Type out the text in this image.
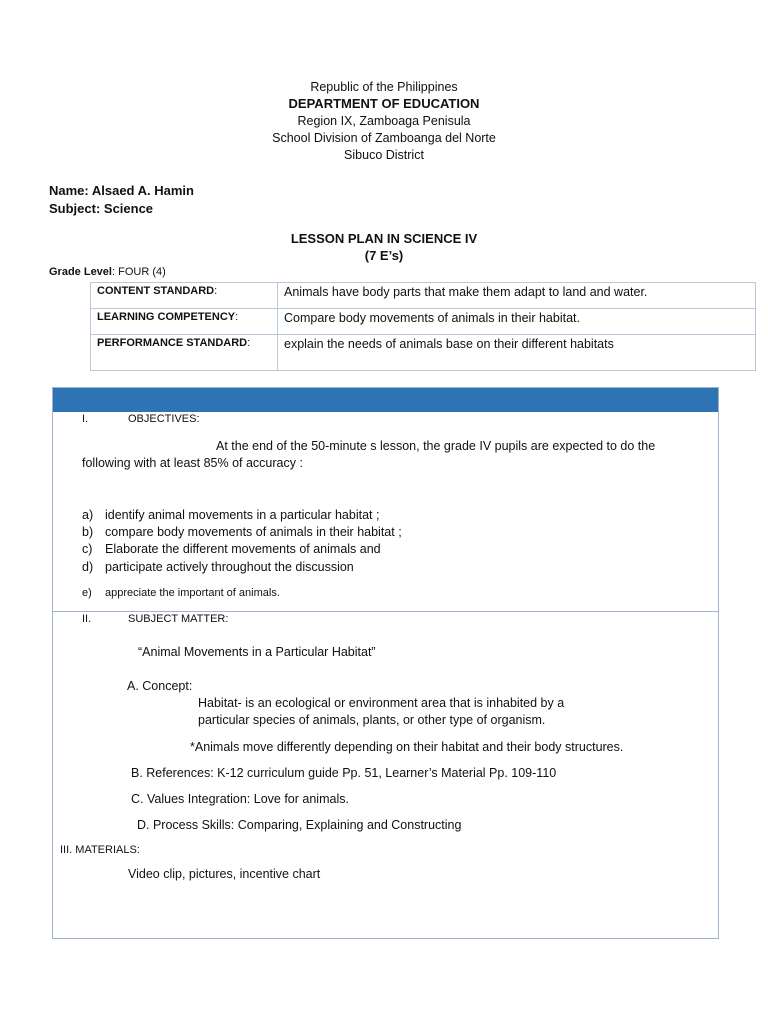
Republic of the Philippines
DEPARTMENT OF EDUCATION
Region IX, Zamboaga Penisula
School Division of Zamboanga del Norte
Sibuco District
Name: Alsaed A. Hamin
Subject: Science
LESSON PLAN IN SCIENCE IV
(7 E’s)
Grade Level: FOUR (4)
CONTENT STANDARD:	Animals have body parts that make them adapt to land and water.
LEARNING COMPETENCY:	Compare body movements of animals in their habitat.
PERFORMANCE STANDARD:	explain the needs of animals base on their different habitats
I.	OBJECTIVES:
At the end of the 50-minute s lesson, the grade IV pupils are expected to do the
following with at least 85% of accuracy :
a) identify animal movements in a particular habitat ;
b) compare body movements of animals in their habitat ;
c) Elaborate the different movements of animals and
d) participate actively throughout the discussion
e) appreciate the important of animals.
II.	SUBJECT MATTER:
“Animal Movements in a Particular Habitat”
A. Concept:
Habitat- is an ecological or environment area that is inhabited by a
particular species of animals, plants, or other type of organism.
*Animals move differently depending on their habitat and their body structures.
B. References: K-12 curriculum guide Pp. 51, Learner’s Material Pp. 109-110
C. Values Integration: Love for animals.
D. Process Skills: Comparing, Explaining and Constructing
III. MATERIALS:
Video clip, pictures, incentive chart
